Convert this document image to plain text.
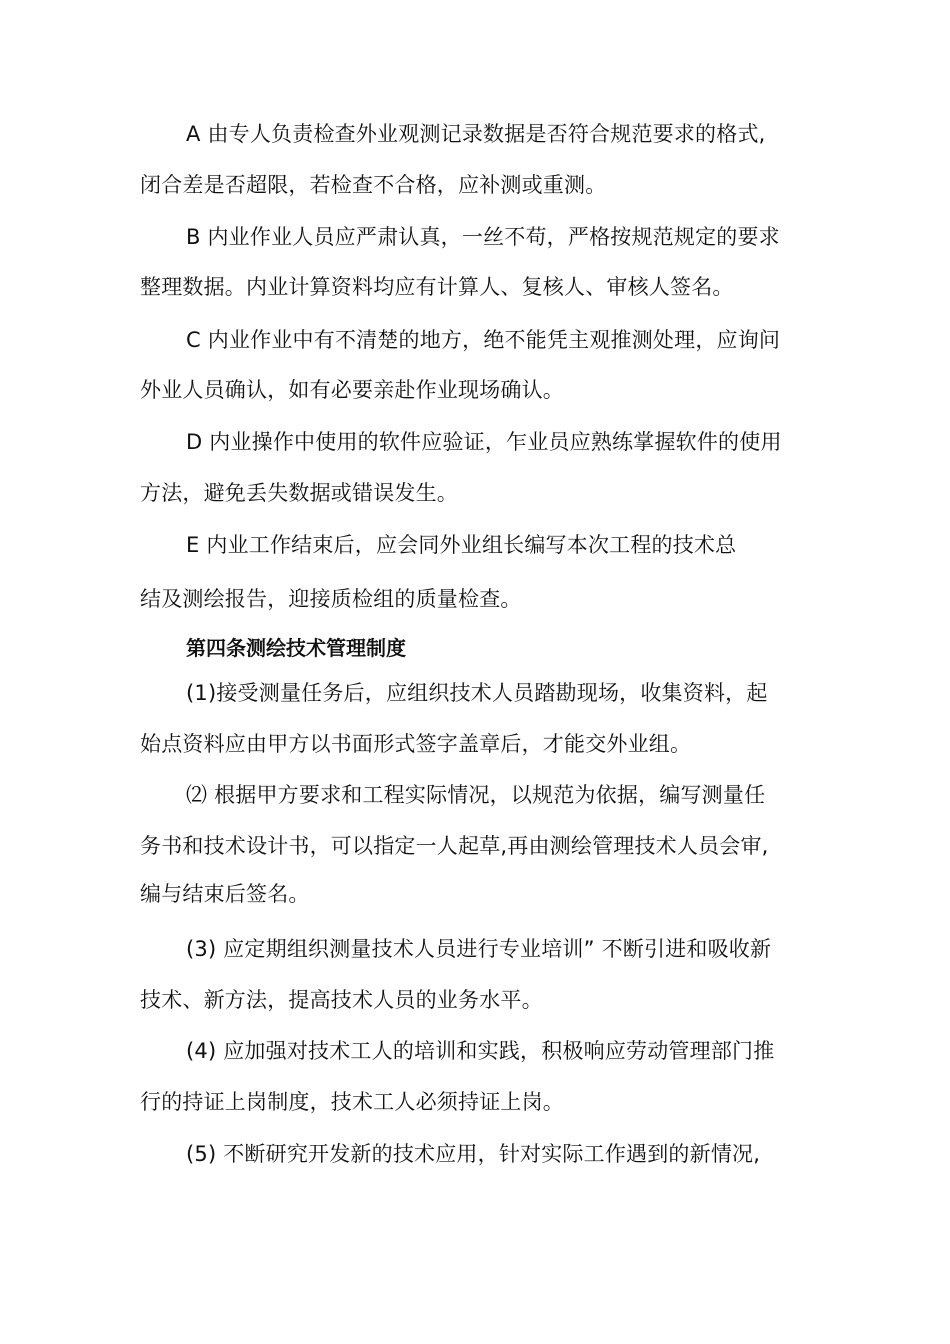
A 由专人负责检查外业观测记录数据是否符合规范要求的格式,
闭合差是否超限，若检查不合格，应补测或重测。
B 内业作业人员应严肃认真，一丝不苟，严格按规范规定的要求
整理数据。内业计算资料均应有计算人、复核人、审核人签名。
C 内业作业中有不清楚的地方，绝不能凭主观推测处理，应询问
外业人员确认，如有必要亲赴作业现场确认。
D 内业操作中使用的软件应验证，乍业员应熟练掌握软件的使用
方法，避免丢失数据或错误发生。
E 内业工作结束后，应会同外业组长编写本次工程的技术总
结及测绘报告，迎接质检组的质量检查。
第四条测绘技术管理制度
(1)接受测量任务后，应组织技术人员踏勘现场，收集资料，起
始点资料应由甲方以书面形式签字盖章后，才能交外业组。
⑵ 根据甲方要求和工程实际情况，以规范为依据，编写测量任
务书和技术设计书，可以指定一人起草,再由测绘管理技术人员会审,
编与结束后签名。
(3) 应定期组织测量技术人员进行专业培训” 不断引进和吸收新
技术、新方法，提高技术人员的业务水平。
(4) 应加强对技术工人的培训和实践，积极响应劳动管理部门推
行的持证上岗制度，技术工人必须持证上岗。
(5) 不断研究开发新的技术应用，针对实际工作遇到的新情况,
